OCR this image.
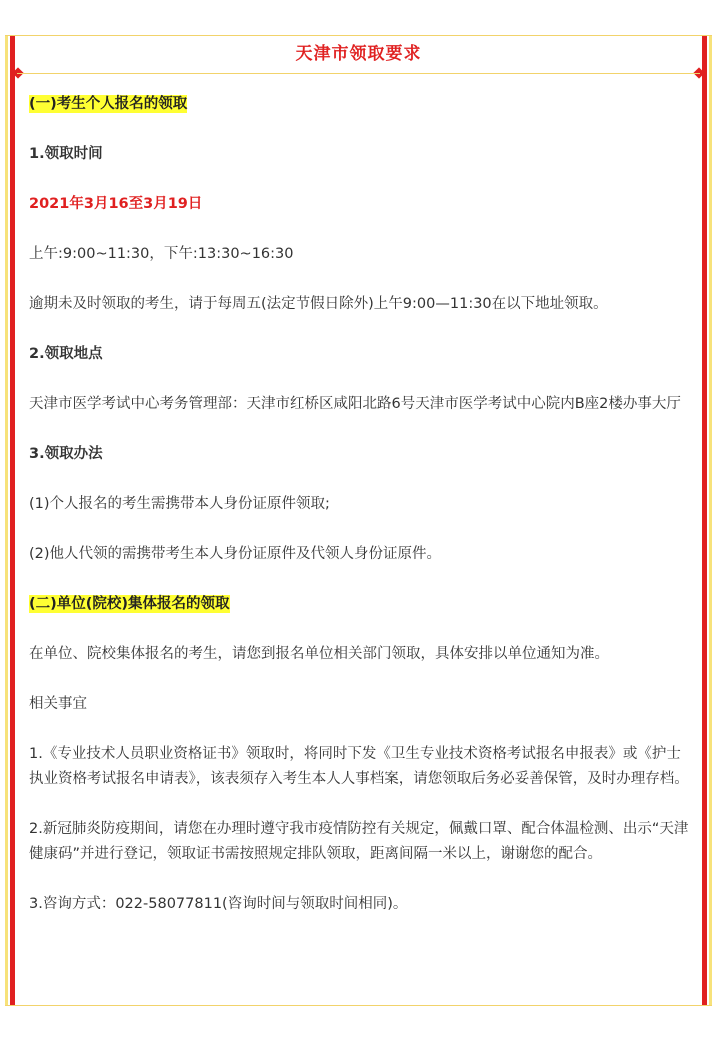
天津市领取要求
(一)考生个人报名的领取
1.领取时间
2021年3月16至3月19日
上午:9:00~11:30，下午:13:30~16:30
逾期未及时领取的考生，请于每周五(法定节假日除外)上午9:00—11:30在以下地址领取。
2.领取地点
天津市医学考试中心考务管理部：天津市红桥区咸阳北路6号天津市医学考试中心院内B座2楼办事大厅
3.领取办法
(1)个人报名的考生需携带本人身份证原件领取;
(2)他人代领的需携带考生本人身份证原件及代领人身份证原件。
(二)单位(院校)集体报名的领取
在单位、院校集体报名的考生，请您到报名单位相关部门领取，具体安排以单位通知为准。
相关事宜
1.《专业技术人员职业资格证书》领取时，将同时下发《卫生专业技术资格考试报名申报表》或《护士执业资格考试报名申请表》，该表须存入考生本人人事档案，请您领取后务必妥善保管，及时办理存档。
2.新冠肺炎防疫期间，请您在办理时遵守我市疫情防控有关规定，佩戴口罩、配合体温检测、出示“天津健康码”并进行登记，领取证书需按照规定排队领取，距离间隔一米以上，谢谢您的配合。
3.咨询方式：022-58077811(咨询时间与领取时间相同)。
